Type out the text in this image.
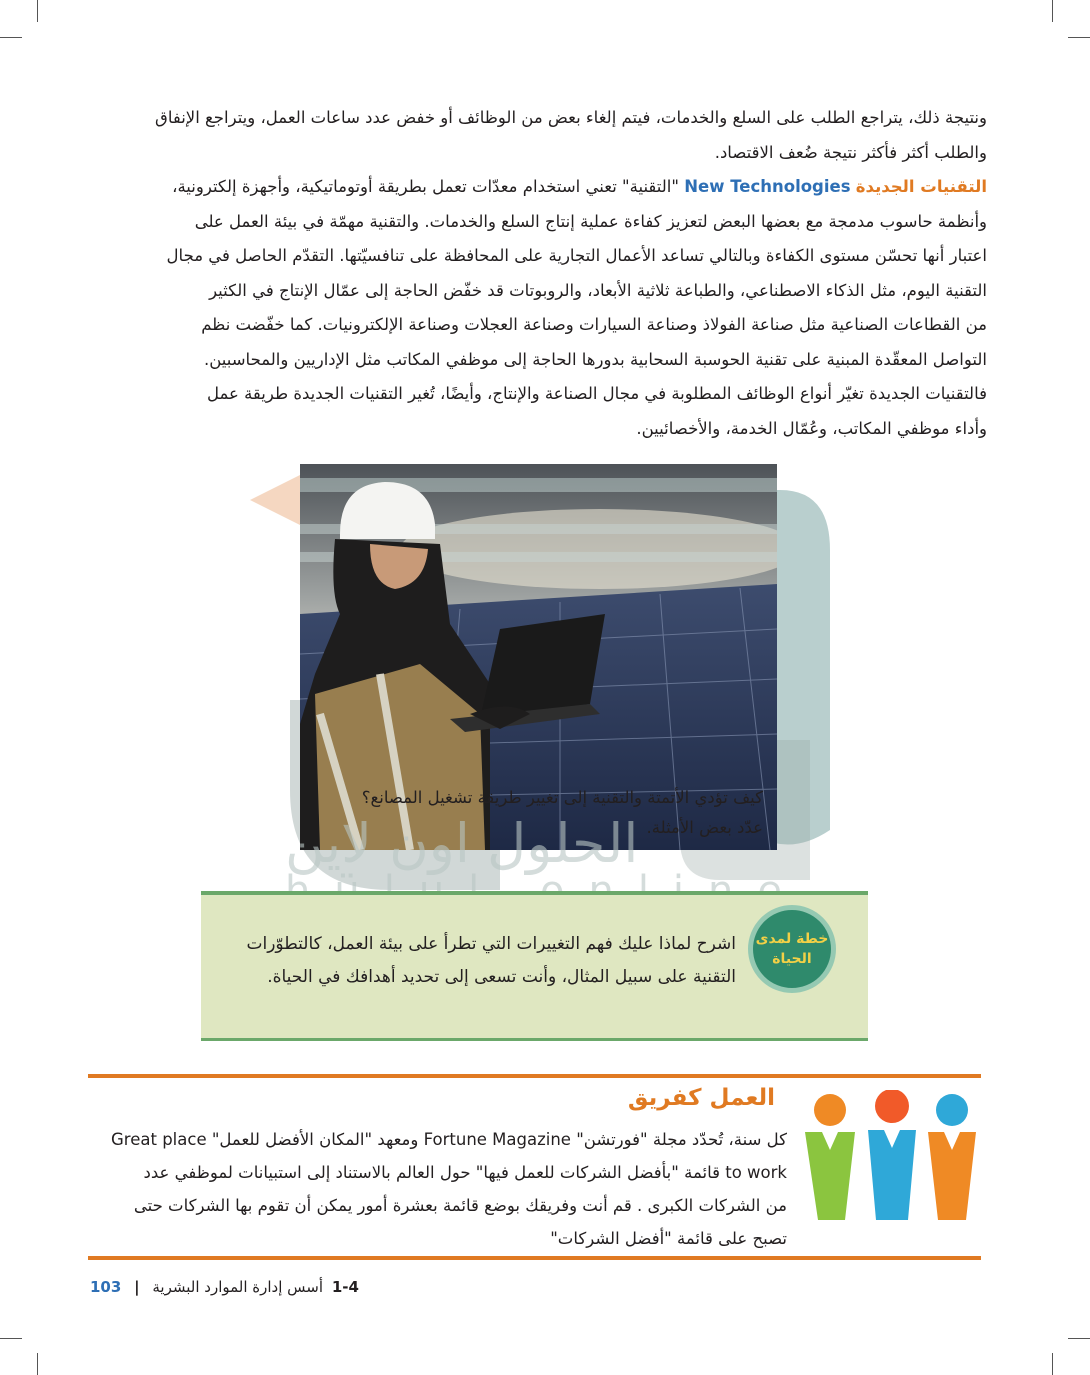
ونتيجة ذلك، يتراجع الطلب على السلع والخدمات، فيتم إلغاء بعض من الوظائف أو خفض عدد ساعات العمل، ويتراجع الإنفاق

والطلب أكثر فأكثر نتيجة ضُعف الاقتصاد.

التقنيات الجديدة New Technologies "التقنية" تعني استخدام معدّات تعمل بطريقة أوتوماتيكية، وأجهزة إلكترونية،

وأنظمة حاسوب مدمجة مع بعضها البعض لتعزيز كفاءة عملية إنتاج السلع والخدمات. والتقنية مهمّة في بيئة العمل على

اعتبار أنها تحسّن مستوى الكفاءة وبالتالي تساعد الأعمال التجارية على المحافظة على تنافسيّتها. التقدّم الحاصل في مجال

التقنية اليوم، مثل الذكاء الاصطناعي، والطباعة ثلاثية الأبعاد، والروبوتات قد خفّض الحاجة إلى عمّال الإنتاج في الكثير

من القطاعات الصناعية مثل صناعة الفولاذ وصناعة السيارات وصناعة العجلات وصناعة الإلكترونيات. كما خفّضت نظم

التواصل المعقّدة المبنية على تقنية الحوسبة السحابية بدورها الحاجة إلى موظفي المكاتب مثل الإداريين والمحاسبين.

فالتقنيات الجديدة تغيّر أنواع الوظائف المطلوبة في مجال الصناعة والإنتاج، وأيضًا، تُغير التقنيات الجديدة طريقة عمل

وأداء موظفي المكاتب، وعُمّال الخدمة، والأخصائيين.

كيف تؤدي الأتمتة والتقنية إلى تغيير طريقة تشغيل المصانع؟

عدّد بعض الأمثلة.

الحلول اون لاين

اشرح لماذا عليك فهم التغييرات التي تطرأ على بيئة العمل، كالتطوّرات

التقنية على سبيل المثال، وأنت تسعى إلى تحديد أهدافك في الحياة.

خطة لمدى
الحياة
العمل كفريق

كل سنة، تُحدّد مجلة "فورتشن" Fortune Magazine ومعهد "المكان الأفضل للعمل" Great place

to work قائمة "بأفضل الشركات للعمل فيها" حول العالم بالاستناد إلى استبيانات لموظفي عدد

من الشركات الكبرى . قم أنت وفريقك بوضع قائمة بعشرة أمور يمكن أن تقوم بها الشركات حتى

تصبح على قائمة "أفضل الشركات"

103 | أسس إدارة الموارد البشرية 1-4
